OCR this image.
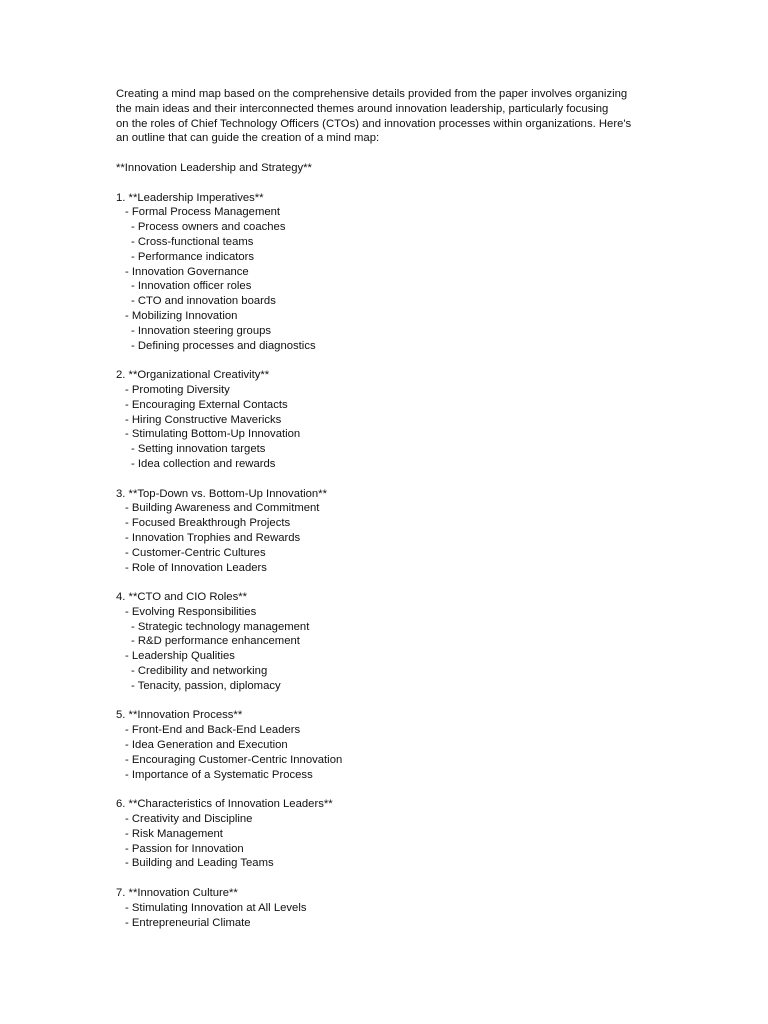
Creating a mind map based on the comprehensive details provided from the paper involves organizing
the main ideas and their interconnected themes around innovation leadership, particularly focusing
on the roles of Chief Technology Officers (CTOs) and innovation processes within organizations. Here's
an outline that can guide the creation of a mind map:
**Innovation Leadership and Strategy**
1. **Leadership Imperatives**
- Formal Process Management
- Process owners and coaches
- Cross-functional teams
- Performance indicators
- Innovation Governance
- Innovation officer roles
- CTO and innovation boards
- Mobilizing Innovation
- Innovation steering groups
- Defining processes and diagnostics
2. **Organizational Creativity**
- Promoting Diversity
- Encouraging External Contacts
- Hiring Constructive Mavericks
- Stimulating Bottom-Up Innovation
- Setting innovation targets
- Idea collection and rewards
3. **Top-Down vs. Bottom-Up Innovation**
- Building Awareness and Commitment
- Focused Breakthrough Projects
- Innovation Trophies and Rewards
- Customer-Centric Cultures
- Role of Innovation Leaders
4. **CTO and CIO Roles**
- Evolving Responsibilities
- Strategic technology management
- R&D performance enhancement
- Leadership Qualities
- Credibility and networking
- Tenacity, passion, diplomacy
5. **Innovation Process**
- Front-End and Back-End Leaders
- Idea Generation and Execution
- Encouraging Customer-Centric Innovation
- Importance of a Systematic Process
6. **Characteristics of Innovation Leaders**
- Creativity and Discipline
- Risk Management
- Passion for Innovation
- Building and Leading Teams
7. **Innovation Culture**
- Stimulating Innovation at All Levels
- Entrepreneurial Climate
